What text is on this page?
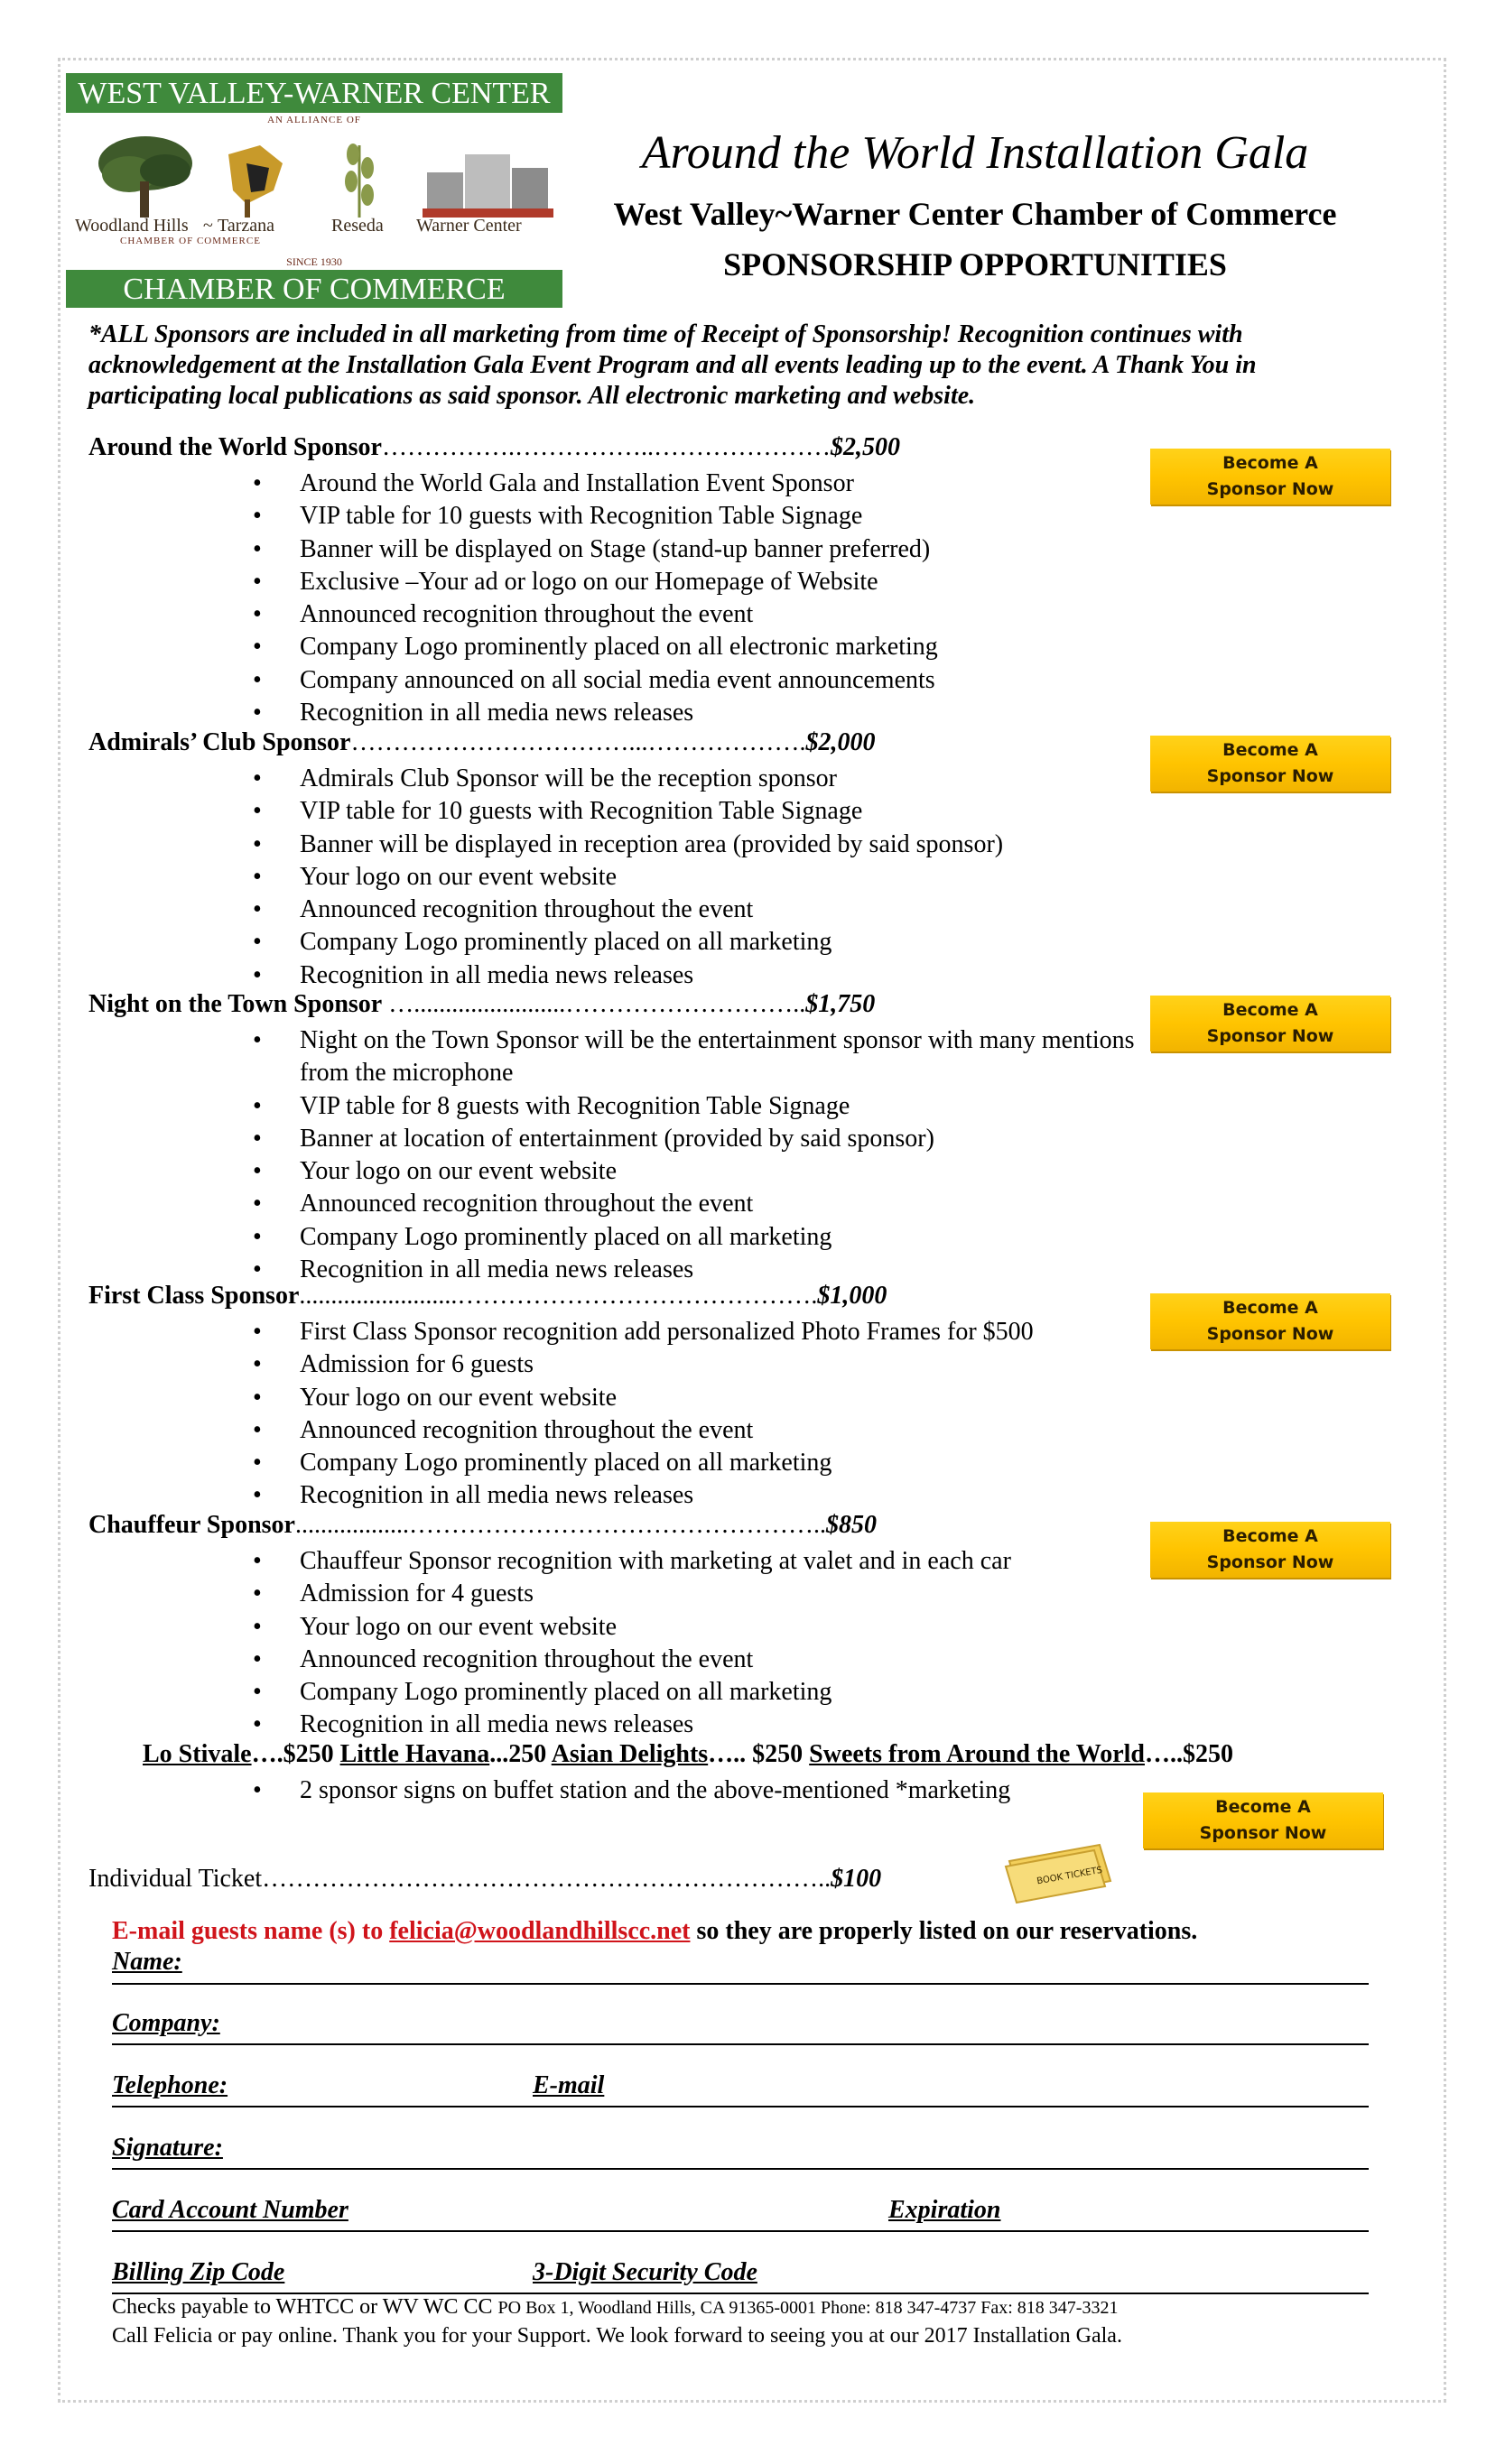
WEST VALLEY-WARNER CENTER
AN ALLIANCE OF
Woodland Hills ~ Tarzana	Reseda Warner Center
CHAMBER OF COMMERCE
SINCE 1930
CHAMBER OF COMMERCE
Around the World Installation Gala
West Valley~Warner Center Chamber of Commerce
SPONSORSHIP OPPORTUNITIES
*ALL Sponsors are included in all marketing from time of Receipt of Sponsorship! Recognition continues with acknowledgement at the Installation Gala Event Program and all events leading up to the event. A Thank You in participating local publications as said sponsor. All electronic marketing and website.
Around the World Sponsor…………….……………..…………………$2,500
• Around the World Gala and Installation Event Sponsor
• VIP table for 10 guests with Recognition Table Signage
• Banner will be displayed on Stage (stand-up banner preferred)
• Exclusive –Your ad or logo on our Homepage of Website
• Announced recognition throughout the event
• Company Logo prominently placed on all electronic marketing
• Company announced on all social media event announcements
• Recognition in all media news releases
Become A
Sponsor Now
Admirals’ Club Sponsor……………………………...……………….$2,000
• Admirals Club Sponsor will be the reception sponsor
• VIP table for 10 guests with Recognition Table Signage
• Banner will be displayed in reception area (provided by said sponsor)
• Your logo on our event website
• Announced recognition throughout the event
• Company Logo prominently placed on all marketing
• Recognition in all media news releases
Become A
Sponsor Now
Night on the Town Sponsor …........................………………………..$1,750
• Night on the Town Sponsor will be the entertainment sponsor with many mentions from the microphone
• VIP table for 8 guests with Recognition Table Signage
• Banner at location of entertainment (provided by said sponsor)
• Your logo on our event website
• Announced recognition throughout the event
• Company Logo prominently placed on all marketing
• Recognition in all media news releases
Become A
Sponsor Now
First Class Sponsor.........................…………………………………….$1,000
• First Class Sponsor recognition add personalized Photo Frames for $500
• Admission for 6 guests
• Your logo on our event website
• Announced recognition throughout the event
• Company Logo prominently placed on all marketing
• Recognition in all media news releases
Become A
Sponsor Now
Chauffeur Sponsor..................…………………………………………..$850
• Chauffeur Sponsor recognition with marketing at valet and in each car
• Admission for 4 guests
• Your logo on our event website
• Announced recognition throughout the event
• Company Logo prominently placed on all marketing
• Recognition in all media news releases
Become A
Sponsor Now
Lo Stivale….$250 Little Havana...250 Asian Delights….. $250 Sweets from Around the World…..$250
• 2 sponsor signs on buffet station and the above-mentioned *marketing
Become A
Sponsor Now
Individual Ticket…………………………………………………………..$100	BOOK TICKETS
E-mail guests name (s) to felicia@woodlandhillscc.net so they are properly listed on our reservations.
Name:
Company:
Telephone:	E-mail
Signature:
Card Account Number	Expiration
Billing Zip Code	3-Digit Security Code
Checks payable to WHTCC or WV WC CC PO Box 1, Woodland Hills, CA 91365-0001 Phone: 818 347-4737 Fax: 818 347-3321
Call Felicia or pay online. Thank you for your Support. We look forward to seeing you at our 2017 Installation Gala.
